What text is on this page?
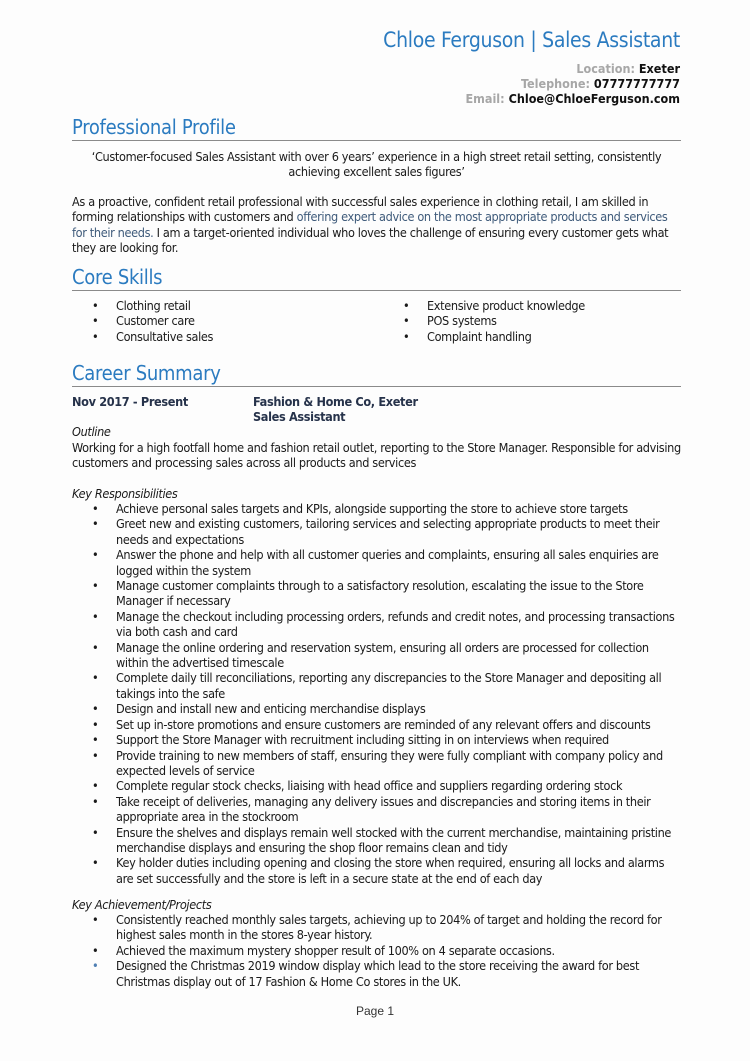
Chloe Ferguson | Sales Assistant
Location: Exeter
Telephone: 07777777777
Email: Chloe@ChloeFerguson.com
Professional Profile
‘Customer-focused Sales Assistant with over 6 years’ experience in a high street retail setting, consistently
achieving excellent sales figures’
As a proactive, confident retail professional with successful sales experience in clothing retail, I am skilled in forming relationships with customers and offering expert advice on the most appropriate products and services for their needs. I am a target-oriented individual who loves the challenge of ensuring every customer gets what they are looking for.
Core Skills
• Clothing retail
• Customer care
• Consultative sales
• Extensive product knowledge
• POS systems
• Complaint handling
Career Summary
Nov 2017 - Present	Fashion & Home Co, Exeter
Sales Assistant
Outline
Working for a high footfall home and fashion retail outlet, reporting to the Store Manager. Responsible for advising customers and processing sales across all products and services
Key Responsibilities
• Achieve personal sales targets and KPIs, alongside supporting the store to achieve store targets
• Greet new and existing customers, tailoring services and selecting appropriate products to meet their needs and expectations
• Answer the phone and help with all customer queries and complaints, ensuring all sales enquiries are logged within the system
• Manage customer complaints through to a satisfactory resolution, escalating the issue to the Store Manager if necessary
• Manage the checkout including processing orders, refunds and credit notes, and processing transactions via both cash and card
• Manage the online ordering and reservation system, ensuring all orders are processed for collection within the advertised timescale
• Complete daily till reconciliations, reporting any discrepancies to the Store Manager and depositing all takings into the safe
• Design and install new and enticing merchandise displays
• Set up in-store promotions and ensure customers are reminded of any relevant offers and discounts
• Support the Store Manager with recruitment including sitting in on interviews when required
• Provide training to new members of staff, ensuring they were fully compliant with company policy and expected levels of service
• Complete regular stock checks, liaising with head office and suppliers regarding ordering stock
• Take receipt of deliveries, managing any delivery issues and discrepancies and storing items in their appropriate area in the stockroom
• Ensure the shelves and displays remain well stocked with the current merchandise, maintaining pristine merchandise displays and ensuring the shop floor remains clean and tidy
• Key holder duties including opening and closing the store when required, ensuring all locks and alarms are set successfully and the store is left in a secure state at the end of each day
Key Achievement/Projects
• Consistently reached monthly sales targets, achieving up to 204% of target and holding the record for highest sales month in the stores 8-year history.
• Achieved the maximum mystery shopper result of 100% on 4 separate occasions.
• Designed the Christmas 2019 window display which lead to the store receiving the award for best Christmas display out of 17 Fashion & Home Co stores in the UK.
Page 1
